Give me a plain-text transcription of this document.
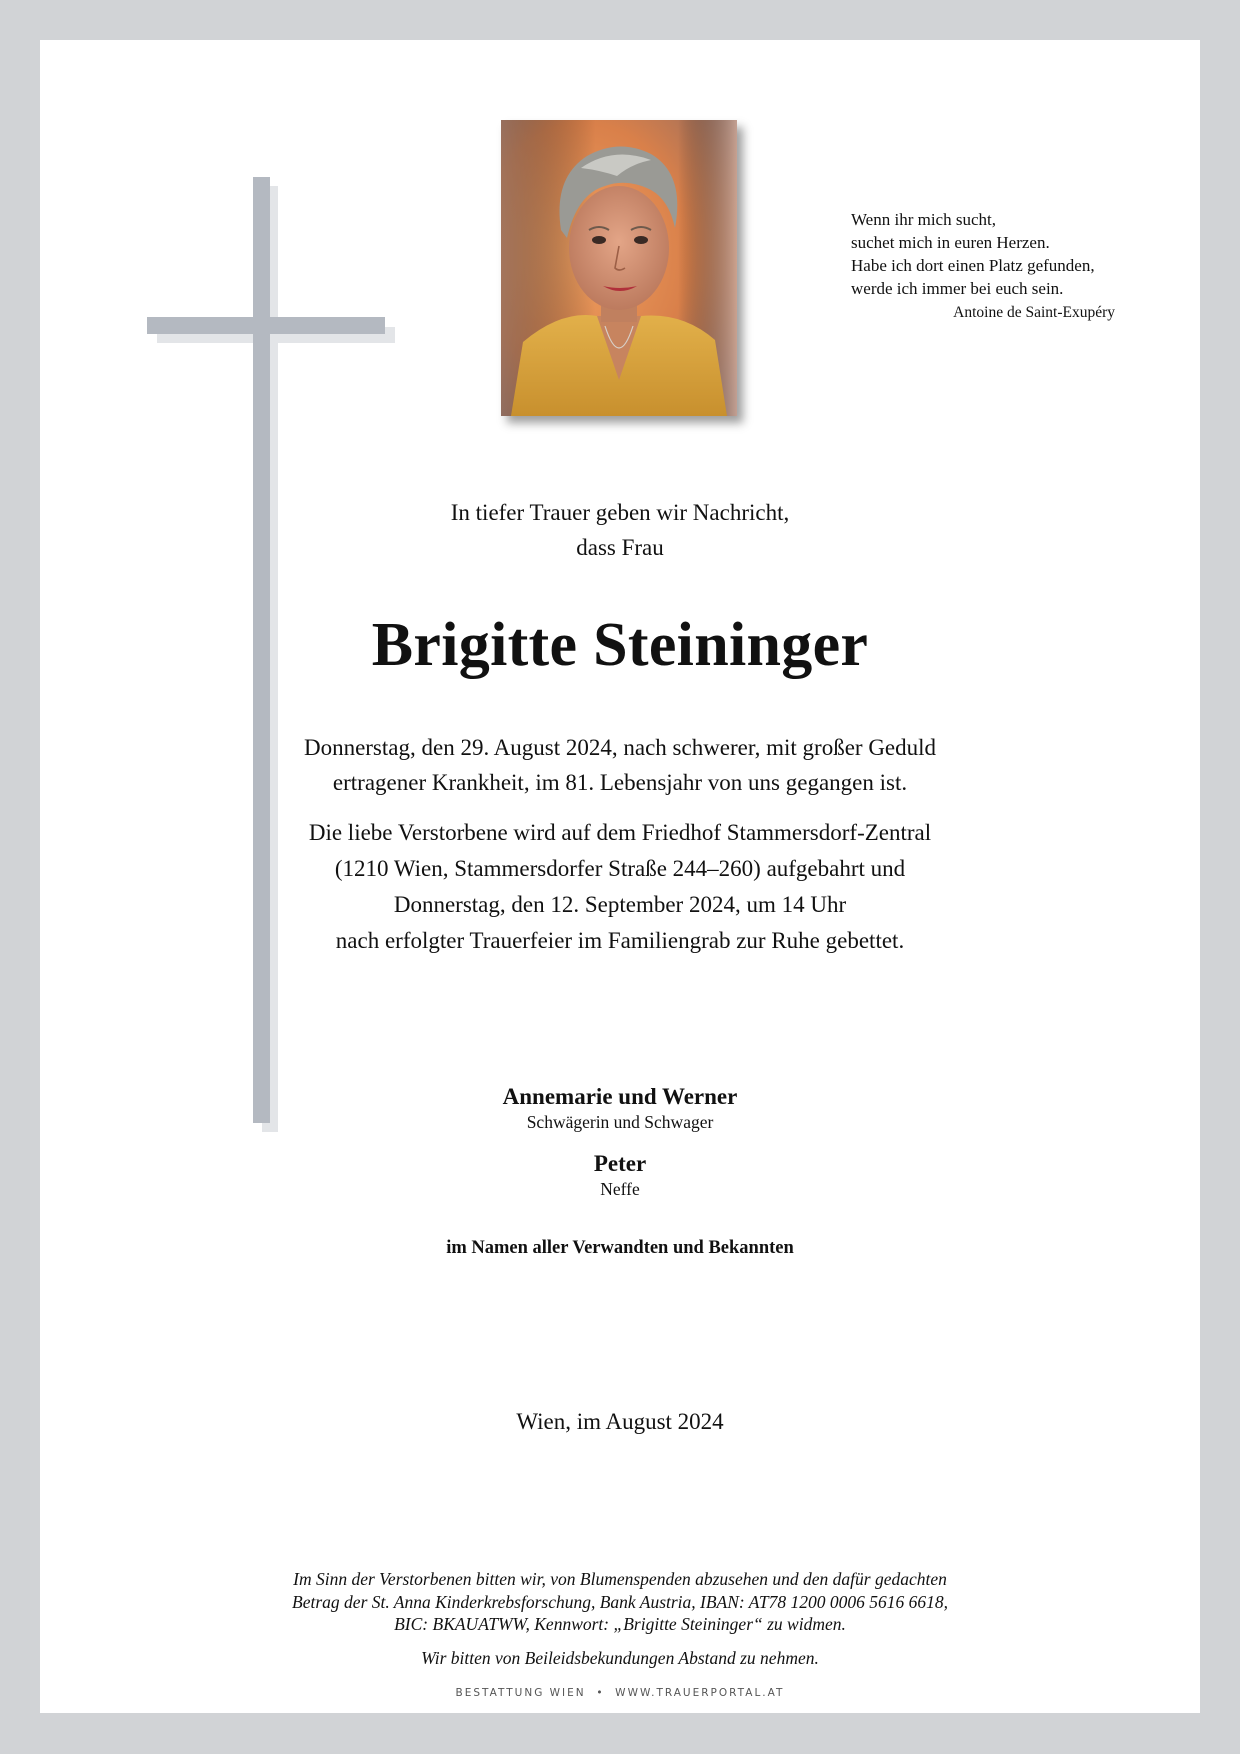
Wenn ihr mich sucht,
suchet mich in euren Herzen.
Habe ich dort einen Platz gefunden,
werde ich immer bei euch sein.
Antoine de Saint-Exupéry
In tiefer Trauer geben wir Nachricht,
dass Frau
Brigitte Steininger
Donnerstag, den 29. August 2024, nach schwerer, mit großer Geduld
ertragener Krankheit, im 81. Lebensjahr von uns gegangen ist.
Die liebe Verstorbene wird auf dem Friedhof Stammersdorf-Zentral
(1210 Wien, Stammersdorfer Straße 244–260) aufgebahrt und
Donnerstag, den 12. September 2024, um 14 Uhr
nach erfolgter Trauerfeier im Familiengrab zur Ruhe gebettet.
Annemarie und Werner
Schwägerin und Schwager
Peter
Neffe
im Namen aller Verwandten und Bekannten
Wien, im August 2024
Im Sinn der Verstorbenen bitten wir, von Blumenspenden abzusehen und den dafür gedachten
Betrag der St. Anna Kinderkrebsforschung, Bank Austria, IBAN: AT78 1200 0006 5616 6618,
BIC: BKAUATWW, Kennwort: „Brigitte Steininger“ zu widmen.
Wir bitten von Beileidsbekundungen Abstand zu nehmen.
BESTATTUNG WIEN  •  WWW.TRAUERPORTAL.AT
